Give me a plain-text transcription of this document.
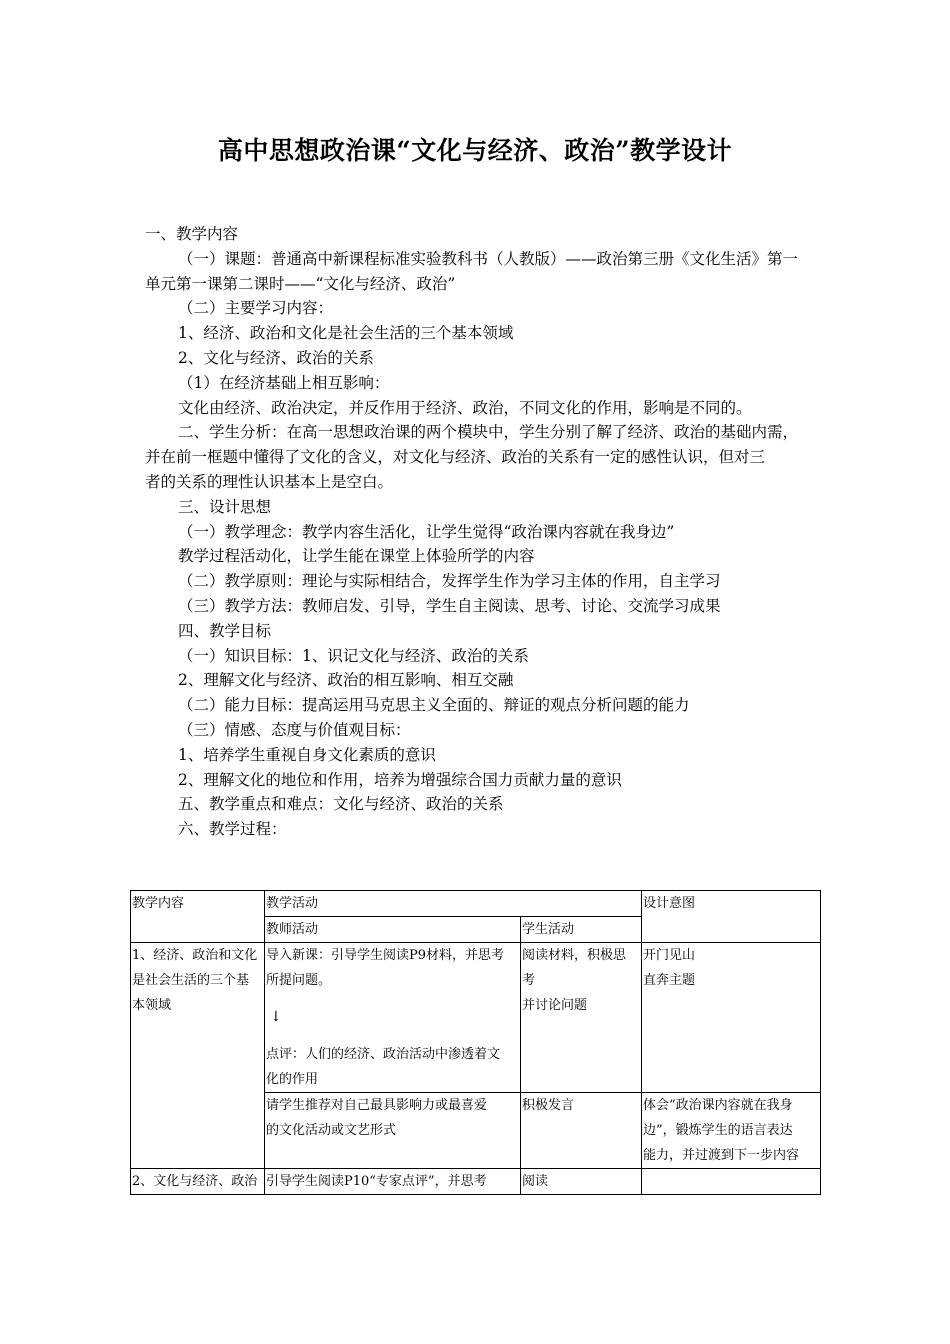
高中思想政治课“文化与经济、政治”教学设计
一、教学内容
（一）课题：普通高中新课程标准实验教科书（人教版）——政治第三册《文化生活》第一
单元第一课第二课时——“文化与经济、政治”
（二）主要学习内容：
1、经济、政治和文化是社会生活的三个基本领域
2、文化与经济、政治的关系
（1）在经济基础上相互影响：
文化由经济、政治决定，并反作用于经济、政治，不同文化的作用，影响是不同的。
二、学生分析：在高一思想政治课的两个模块中，学生分别了解了经济、政治的基础内需，
并在前一框题中懂得了文化的含义，对文化与经济、政治的关系有一定的感性认识，但对三
者的关系的理性认识基本上是空白。
三、设计思想
（一）教学理念：教学内容生活化，让学生觉得“政治课内容就在我身边”
教学过程活动化，让学生能在课堂上体验所学的内容
（二）教学原则：理论与实际相结合，发挥学生作为学习主体的作用，自主学习
（三）教学方法：教师启发、引导，学生自主阅读、思考、讨论、交流学习成果
四、教学目标
（一）知识目标：1、识记文化与经济、政治的关系
2、理解文化与经济、政治的相互影响、相互交融
（二）能力目标：提高运用马克思主义全面的、辩证的观点分析问题的能力
（三）情感、态度与价值观目标：
1、培养学生重视自身文化素质的意识
2、理解文化的地位和作用，培养为增强综合国力贡献力量的意识
五、教学重点和难点：文化与经济、政治的关系
六、教学过程：
教学内容	教学活动		设计意图
	教师活动	学生活动	

1、经济、政治和文化
是社会生活的三个基
本领域	导入新课：引导学生阅读P9材料，并思考
所提问题。
↓
点评：人们的经济、政治活动中渗透着文
化的作用	阅读材料，积极思
考
并讨论问题	开门见山
直奔主题

	请学生推荐对自己最具影响力或最喜爱
的文化活动或文艺形式	积极发言	体会“政治课内容就在我身
边”，锻炼学生的语言表达
能力，并过渡到下一步内容

2、文化与经济、政治	引导学生阅读P10“专家点评”，并思考	阅读	
